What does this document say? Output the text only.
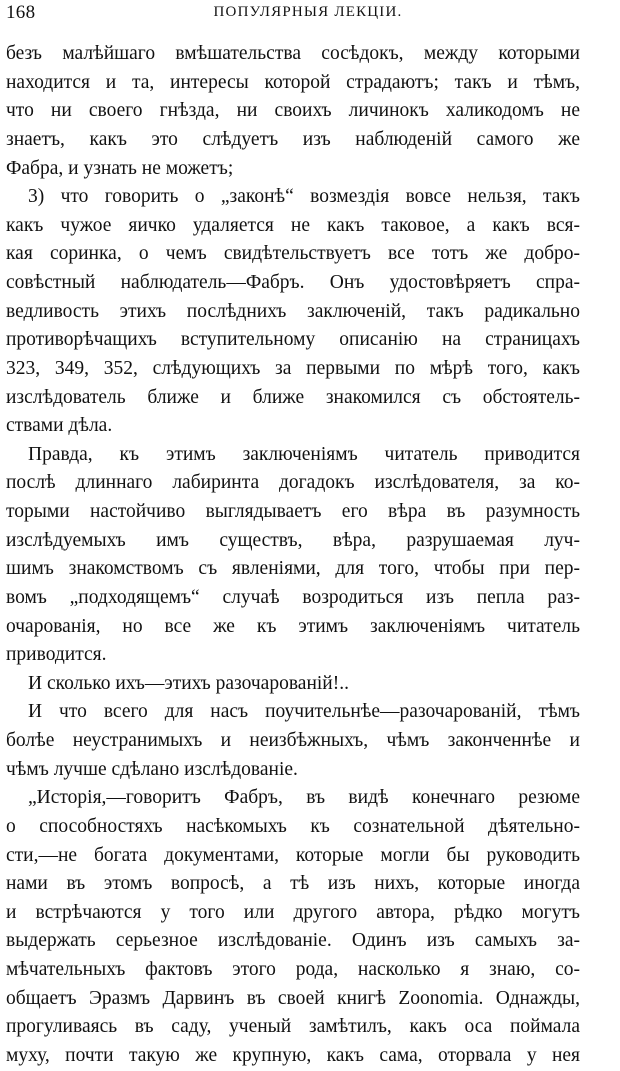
168	ПОПУЛЯРНЫЯ ЛЕКЦІИ.
безъ малѣйшаго вмѣшательства сосѣдокъ, между которыми
находится и та, интересы которой страдаютъ; такъ и тѣмъ,
что ни своего гнѣзда, ни своихъ личинокъ халикодомъ не
знаетъ, какъ это слѣдуетъ изъ наблюденій самого же
Фабра, и узнать не можетъ;
3) что говорить о „законѣ“ возмездія вовсе нельзя, такъ
какъ чужое яичко удаляется не какъ таковое, а какъ вся-
кая соринка, о чемъ свидѣтельствуетъ все тотъ же добро-
совѣстный наблюдатель—Фабръ. Онъ удостовѣряетъ спра-
ведливость этихъ послѣднихъ заключеній, такъ радикально
противорѣчащихъ вступительному описанію на страницахъ
323, 349, 352, слѣдующихъ за первыми по мѣрѣ того, какъ
изслѣдователь ближе и ближе знакомился съ обстоятель-
ствами дѣла.
Правда, къ этимъ заключеніямъ читатель приводится
послѣ длиннаго лабиринта догадокъ изслѣдователя, за ко-
торыми настойчиво выглядываетъ его вѣра въ разумность
изслѣдуемыхъ имъ существъ, вѣра, разрушаемая луч-
шимъ знакомствомъ съ явленіями, для того, чтобы при пер-
вомъ „подходящемъ“ случаѣ возродиться изъ пепла раз-
очарованія, но все же къ этимъ заключеніямъ читатель
приводится.
И сколько ихъ—этихъ разочарованій!..
И что всего для насъ поучительнѣе—разочарованій, тѣмъ
болѣе неустранимыхъ и неизбѣжныхъ, чѣмъ законченнѣе и
чѣмъ лучше сдѣлано изслѣдованіе.
„Исторія,—говоритъ Фабръ, въ видѣ конечнаго резюме
о способностяхъ насѣкомыхъ къ сознательной дѣятельно-
сти,—не богата документами, которые могли бы руководить
нами въ этомъ вопросѣ, а тѣ изъ нихъ, которые иногда
и встрѣчаются у того или другого автора, рѣдко могутъ
выдержать серьезное изслѣдованіе. Одинъ изъ самыхъ за-
мѣчательныхъ фактовъ этого рода, насколько я знаю, со-
общаетъ Эразмъ Дарвинъ въ своей книгѣ Zoonomia. Однажды,
прогуливаясь въ саду, ученый замѣтилъ, какъ оса поймала
муху, почти такую же крупную, какъ сама, оторвала у нея
